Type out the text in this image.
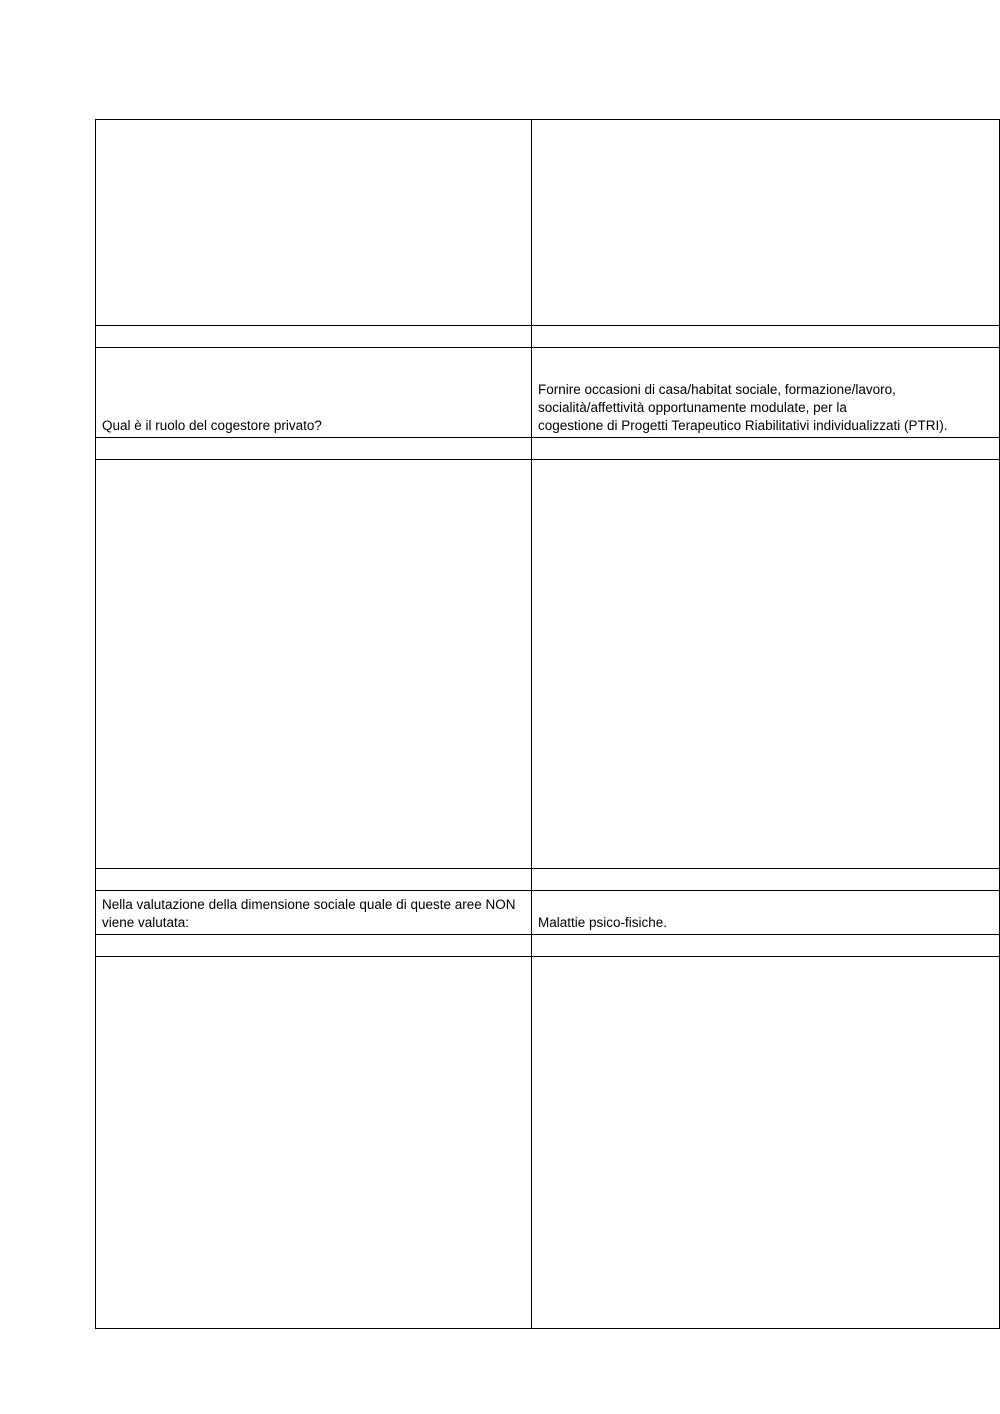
Qual è il ruolo del cogestore privato?	Fornire occasioni di casa/habitat sociale, formazione/lavoro,
socialità/affettività opportunamente modulate, per la
cogestione di Progetti Terapeutico Riabilitativi individualizzati (PTRI).

Nella valutazione della dimensione sociale quale di queste aree NON
viene valutata:	Malattie psico-fisiche.
